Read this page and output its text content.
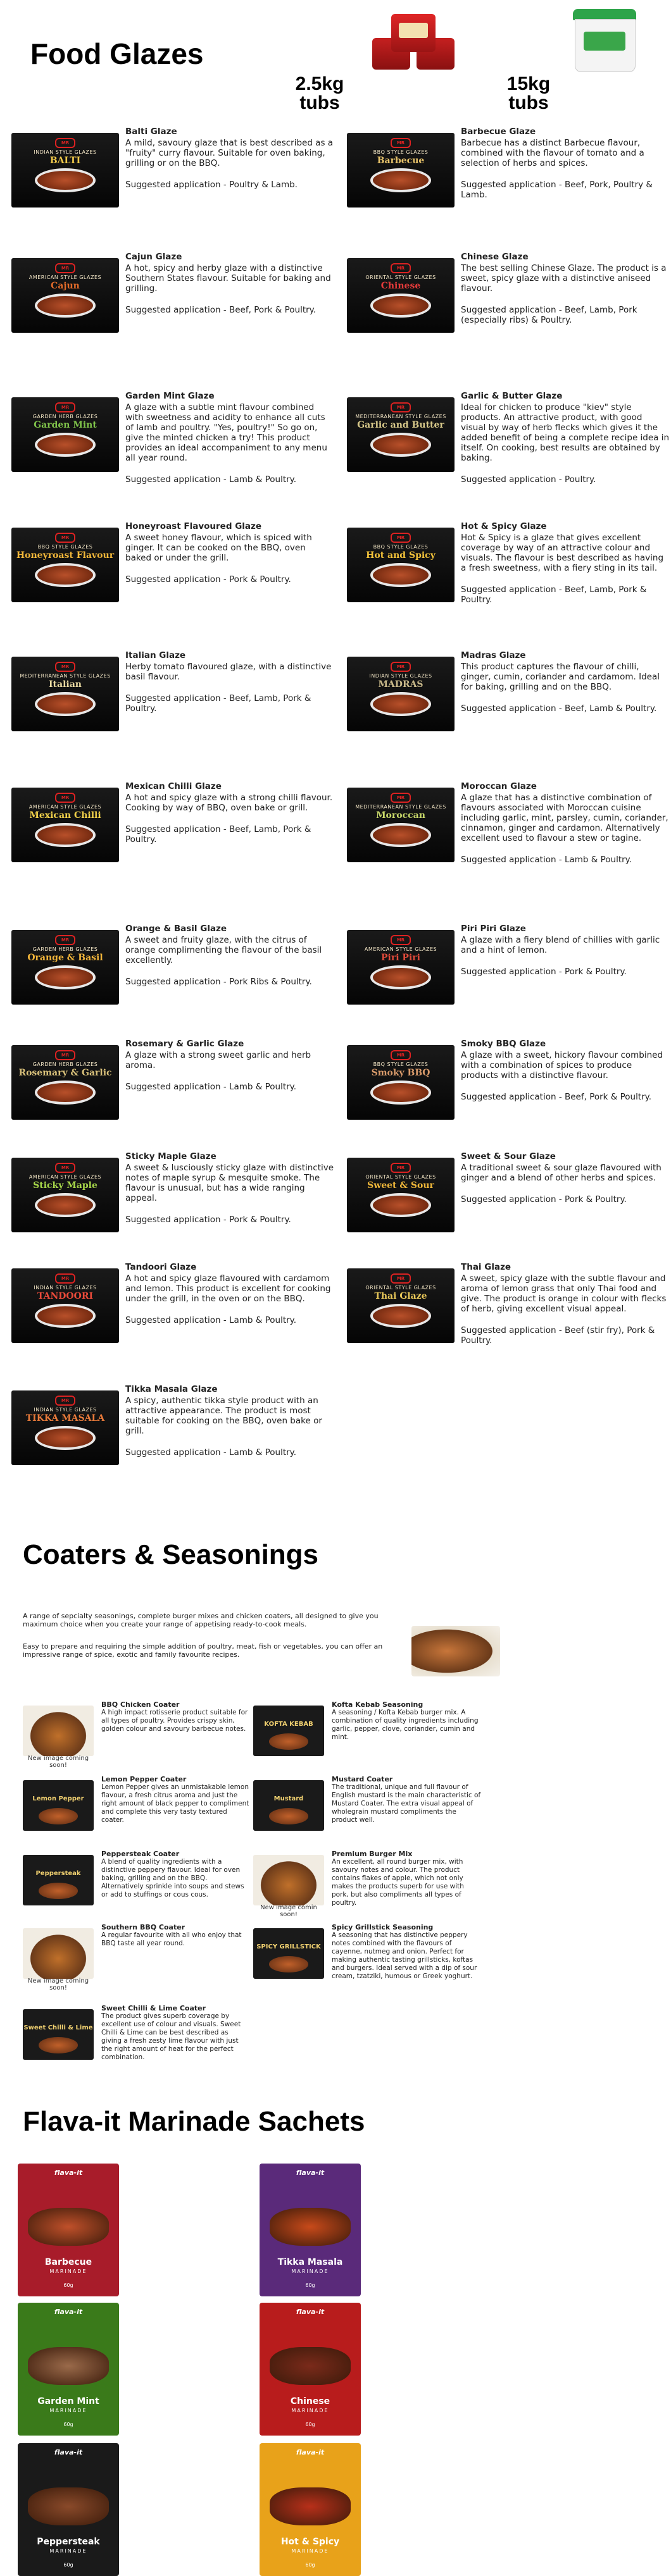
Food Glazes
2.5kg
tubs
15kg
tubs
MR
INDIAN STYLE GLAZES
BALTI
Balti Glaze
A mild, savoury glaze that is best described as a "fruity" curry flavour. Suitable for oven baking, grilling or on the BBQ.
Suggested application - Poultry & Lamb.
MR
BBQ STYLE GLAZES
Barbecue
Barbecue Glaze
Barbecue has a distinct Barbecue flavour, combined with the flavour of tomato and a selection of herbs and spices.
Suggested application - Beef, Pork, Poultry & Lamb.
MR
AMERICAN STYLE GLAZES
Cajun
Cajun Glaze
A hot, spicy and herby glaze with a distinctive Southern States flavour. Suitable for baking and grilling.
Suggested application - Beef, Pork & Poultry.
MR
ORIENTAL STYLE GLAZES
Chinese
Chinese Glaze
The best selling Chinese Glaze. The product is a sweet, spicy glaze with a distinctive aniseed flavour.
Suggested application - Beef, Lamb, Pork (especially ribs) & Poultry.
MR
GARDEN HERB GLAZES
Garden Mint
Garden Mint Glaze
A glaze with a subtle mint flavour combined with sweetness and acidity to enhance all cuts of lamb and poultry. "Yes, poultry!" So go on, give the minted chicken a try! This product provides an ideal accompaniment to any menu all year round.
Suggested application - Lamb & Poultry.
MR
MEDITERRANEAN STYLE GLAZES
Garlic and Butter
Garlic & Butter Glaze
Ideal for chicken to produce "kiev" style products. An attractive product, with good visual by way of herb flecks which gives it the added benefit of being a complete recipe idea in itself. On cooking, best results are obtained by baking.
Suggested application - Poultry.
MR
BBQ STYLE GLAZES
Honeyroast Flavour
Honeyroast Flavoured Glaze
A sweet honey flavour, which is spiced with ginger. It can be cooked on the BBQ, oven baked or under the grill.
Suggested application - Pork & Poultry.
MR
BBQ STYLE GLAZES
Hot and Spicy
Hot & Spicy Glaze
Hot & Spicy is a glaze that gives excellent coverage by way of an attractive colour and visuals. The flavour is best described as having a fresh sweetness, with a fiery sting in its tail.
Suggested application - Beef, Lamb, Pork & Poultry.
MR
MEDITERRANEAN STYLE GLAZES
Italian
Italian Glaze
Herby tomato flavoured glaze, with a distinctive basil flavour.
Suggested application - Beef, Lamb, Pork & Poultry.
MR
INDIAN STYLE GLAZES
MADRAS
Madras Glaze
This product captures the flavour of chilli, ginger, cumin, coriander and cardamom. Ideal for baking, grilling and on the BBQ.
Suggested application - Beef, Lamb & Poultry.
MR
AMERICAN STYLE GLAZES
Mexican Chilli
Mexican Chilli Glaze
A hot and spicy glaze with a strong chilli flavour. Cooking by way of BBQ, oven bake or grill.
Suggested application - Beef, Lamb, Pork & Poultry.
MR
MEDITERRANEAN STYLE GLAZES
Moroccan
Moroccan Glaze
A glaze that has a distinctive combination of flavours associated with Moroccan cuisine including garlic, mint, parsley, cumin, coriander, cinnamon, ginger and cardamon. Alternatively excellent used to flavour a stew or tagine.
Suggested application - Lamb & Poultry.
MR
GARDEN HERB GLAZES
Orange & Basil
Orange & Basil Glaze
A sweet and fruity glaze, with the citrus of orange complimenting the flavour of the basil excellently.
Suggested application - Pork Ribs & Poultry.
MR
AMERICAN STYLE GLAZES
Piri Piri
Piri Piri Glaze
A glaze with a fiery blend of chillies with garlic and a hint of lemon.
Suggested application - Pork & Poultry.
MR
GARDEN HERB GLAZES
Rosemary & Garlic
Rosemary & Garlic Glaze
A glaze with a strong sweet garlic and herb aroma.
Suggested application - Lamb & Poultry.
MR
BBQ STYLE GLAZES
Smoky BBQ
Smoky BBQ Glaze
A glaze with a sweet, hickory flavour combined with a combination of spices to produce products with a distinctive flavour.
Suggested application - Beef, Pork & Poultry.
MR
AMERICAN STYLE GLAZES
Sticky Maple
Sticky Maple Glaze
A sweet & lusciously sticky glaze with distinctive notes of maple syrup & mesquite smoke. The flavour is unusual, but has a wide ranging appeal.
Suggested application - Pork & Poultry.
MR
ORIENTAL STYLE GLAZES
Sweet & Sour
Sweet & Sour Glaze
A traditional sweet & sour glaze flavoured with ginger and a blend of other herbs and spices.
Suggested application - Pork & Poultry.
MR
INDIAN STYLE GLAZES
TANDOORI
Tandoori Glaze
A hot and spicy glaze flavoured with cardamom and lemon. This product is excellent for cooking under the grill, in the oven or on the BBQ.
Suggested application - Lamb & Poultry.
MR
ORIENTAL STYLE GLAZES
Thai Glaze
Thai Glaze
A sweet, spicy glaze with the subtle flavour and aroma of lemon grass that only Thai food and give. The product is orange in colour with flecks of herb, giving excellent visual appeal.
Suggested application - Beef (stir fry), Pork & Poultry.
MR
INDIAN STYLE GLAZES
TIKKA MASALA
Tikka Masala Glaze
A spicy, authentic tikka style product with an attractive appearance. The product is most suitable for cooking on the BBQ, oven bake or grill.
Suggested application - Lamb & Poultry.
Coaters & Seasonings
A range of sepcialty seasonings, complete burger mixes and chicken coaters, all designed to give you maximum choice when you create your range of appetising ready-to-cook meals.
Easy to prepare and requiring the simple addition of poultry, meat, fish or vegetables, you can offer an impressive range of spice, exotic and family favourite recipes.
New image coming
soon!
BBQ Chicken Coater
A high impact rotisserie product suitable for all types of poultry. Provides crispy skin, golden colour and savoury barbecue notes.
KOFTA KEBAB
Kofta Kebab Seasoning
A seasoning / Kofta Kebab burger mix. A combination of quality ingredients including garlic, pepper, clove, coriander, cumin and mint.
Lemon Pepper
Lemon Pepper Coater
Lemon Pepper gives an unmistakable lemon flavour, a fresh citrus aroma and just the right amount of black pepper to compliment and complete this very tasty textured coater.
Mustard
Mustard Coater
The traditional, unique and full flavour of English mustard is the main characteristic of Mustard Coater. The extra visual appeal of wholegrain mustard compliments the product well.
Peppersteak
Peppersteak Coater
A blend of quality ingredients with a distinctive peppery flavour. Ideal for oven baking, grilling and on the BBQ. Alternatively sprinkle into soups and stews or add to stuffings or cous cous.
New image comin
soon!
Premium Burger Mix
An excellent, all round burger mix, with savoury notes and colour. The product contains flakes of apple, which not only makes the products superb for use with pork, but also compliments all types of poultry.
New image coming
soon!
Southern BBQ Coater
A regular favourite with all who enjoy that BBQ taste all year round.	SPICY GRILLSTICK
Spicy Grillstick Seasoning
A seasoning that has distinctive peppery notes combined with the flavours of cayenne, nutmeg and onion. Perfect for making authentic tasting grillsticks, koftas and burgers. Ideal served with a dip of sour cream, tzatziki, humous or Greek yoghurt.
Sweet Chilli & Lime
Sweet Chilli & Lime Coater
The product gives superb coverage by excellent use of colour and visuals. Sweet Chilli & Lime can be best described as giving a fresh zesty lime flavour with just the right amount of heat for the perfect combination.
Flava-it Marinade Sachets
flava-it
Barbecue
MARINADE
60g
flava-it
Tikka Masala
MARINADE
60g
flava-it
Garden Mint
MARINADE
60g
flava-it
Chinese
MARINADE
60g
flava-it
Peppersteak
MARINADE
60g
flava-it
Hot & Spicy
MARINADE
60g
